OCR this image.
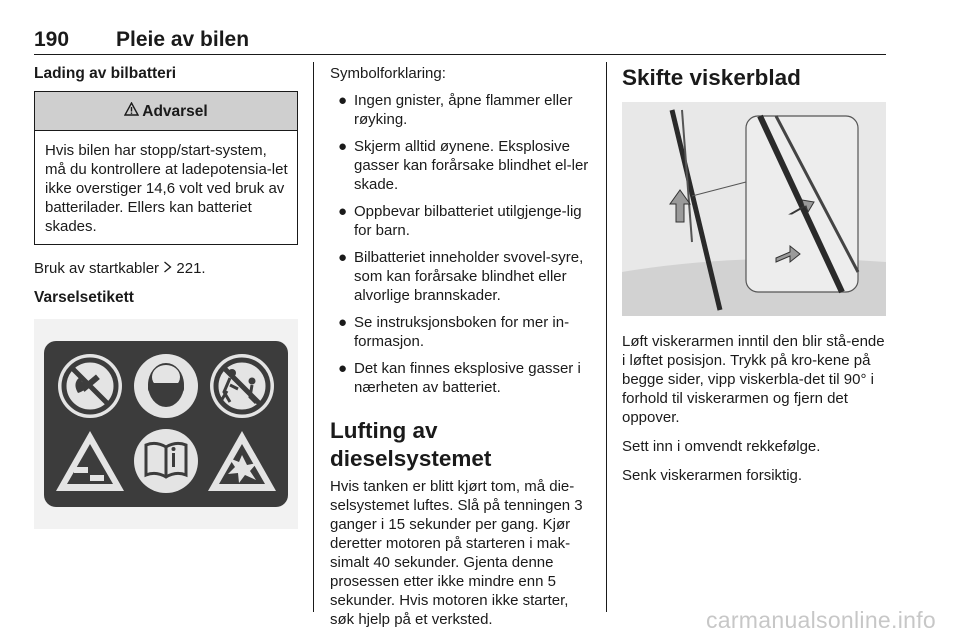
190 Pleie av bilen
Lading av bilbatteri
Advarsel
Hvis bilen har stopp/start-system, må du kontrollere at ladepotensia-let ikke overstiger 14,6 volt ved bruk av batterilader. Ellers kan batteriet skades.

Bruk av startkabler 221.

Varselsetikett

Symbolforklaring:

● Ingen gnister, åpne flammer eller røyking.
● Skjerm alltid øynene. Eksplosive gasser kan forårsake blindhet el-ler skade.
● Oppbevar bilbatteriet utilgjenge-lig for barn.
● Bilbatteriet inneholder svovel-syre, som kan forårsake blindhet eller alvorlige brannskader.
● Se instruksjonsboken for mer in-formasjon.
● Det kan finnes eksplosive gasser i nærheten av batteriet.
Lufting av dieselsystemet

Hvis tanken er blitt kjørt tom, må die-selsystemet luftes. Slå på tenningen 3 ganger i 15 sekunder per gang. Kjør deretter motoren på starteren i mak-simalt 40 sekunder. Gjenta denne prosessen etter ikke mindre enn 5 sekunder. Hvis motoren ikke starter, søk hjelp på et verksted.

Skifte viskerblad

Løft viskerarmen inntil den blir stå-ende i løftet posisjon. Trykk på kro-kene på begge sider, vipp viskerbla-det til 90° i forhold til viskerarmen og fjern det oppover.

Sett inn i omvendt rekkefølge.

Senk viskerarmen forsiktig.

carmanualsonline.info
